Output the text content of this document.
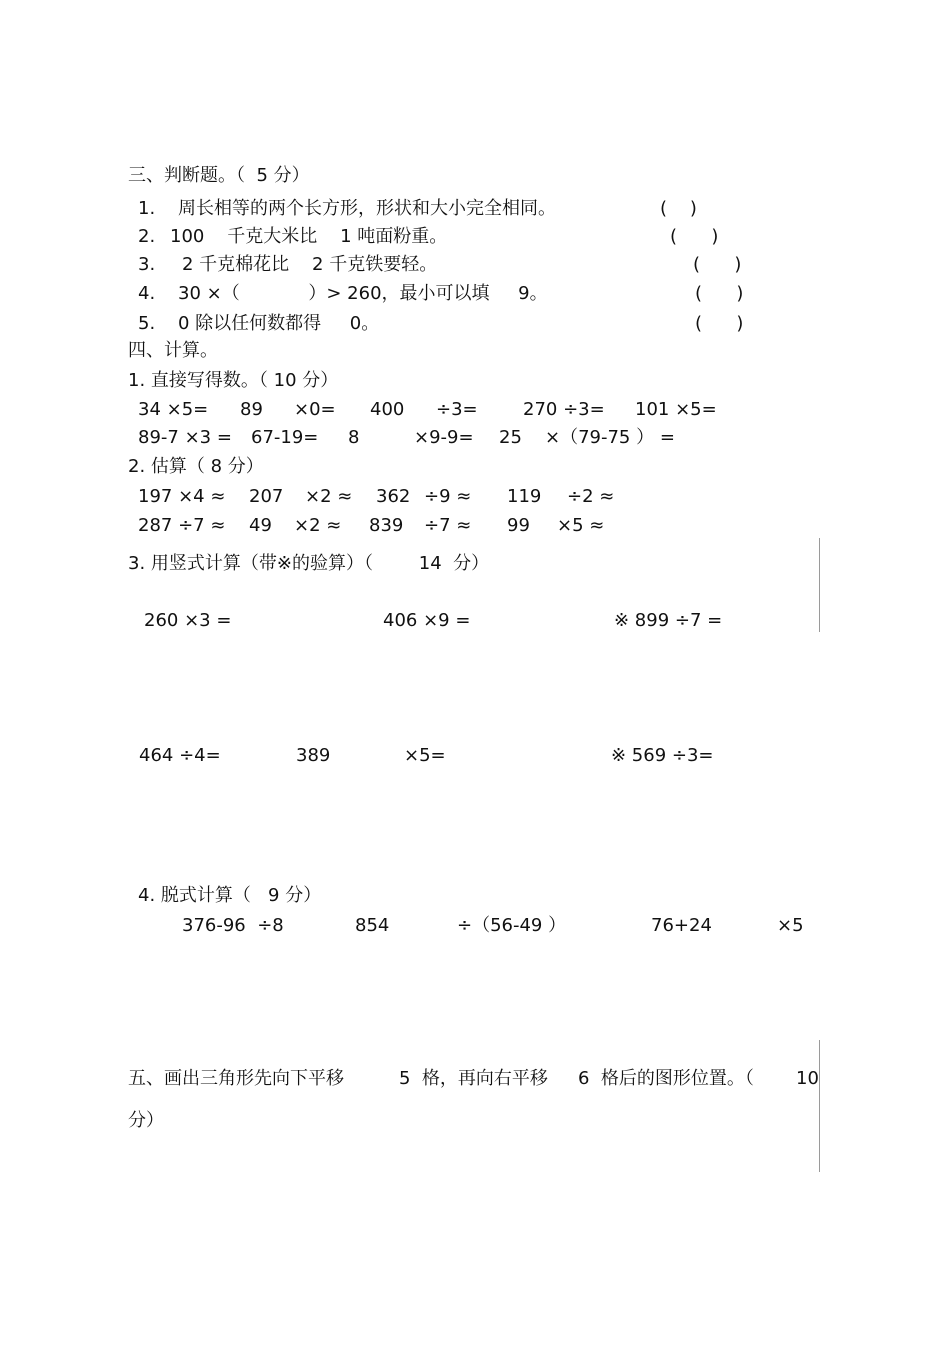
三、判断题。（  5 分）
1. 周长相等的两个长方形，形状和大小完全相同。	(    )
2. 100    千克大米比    1 吨面粉重。	(      )
3. 2 千克棉花比    2 千克铁要轻。	(      )
4. 30 ×（            ）> 260，最小可以填     9。	(      )
5. 0 除以任何数都得     0。	(      )
四、计算。
1. 直接写得数。（ 10 分）
34 ×5= 89 ×0= 400 ÷3=	270 ÷3= 101 ×5=
89-7 ×3 = 67-19= 8	×9-9= 25 ×（79-75 ） =
2. 估算（ 8 分）
197 ×4 ≈ 207 ×2 ≈ 362 ÷9 ≈ 119 ÷2 ≈
287 ÷7 ≈ 49 ×2 ≈ 839 ÷7 ≈ 99 ×5 ≈
3. 用竖式计算（带※的验算）（        14  分）
260 ×3 =	406 ×9 =	※ 899 ÷7 =
464 ÷4=	389	×5=	※ 569 ÷3=
4. 脱式计算（   9 分）
376-96  ÷8	854	÷（56-49 ）	76+24	×5
五、画出三角形先向下平移	5  格，再向右平移 6  格后的图形位置。（ 10
分）
